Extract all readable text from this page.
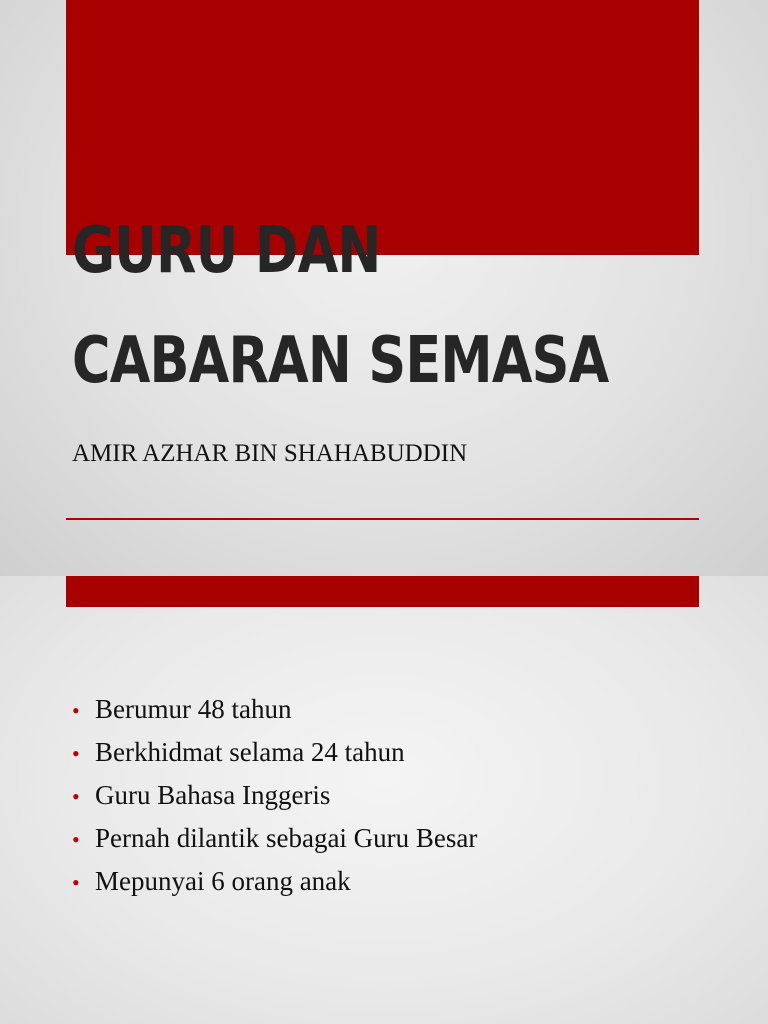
GURU DAN
CABARAN SEMASA

AMIR AZHAR BIN SHAHABUDDIN

• Berumur 48 tahun
• Berkhidmat selama 24 tahun
• Guru Bahasa Inggeris
• Pernah dilantik sebagai Guru Besar
• Mepunyai 6 orang anak
